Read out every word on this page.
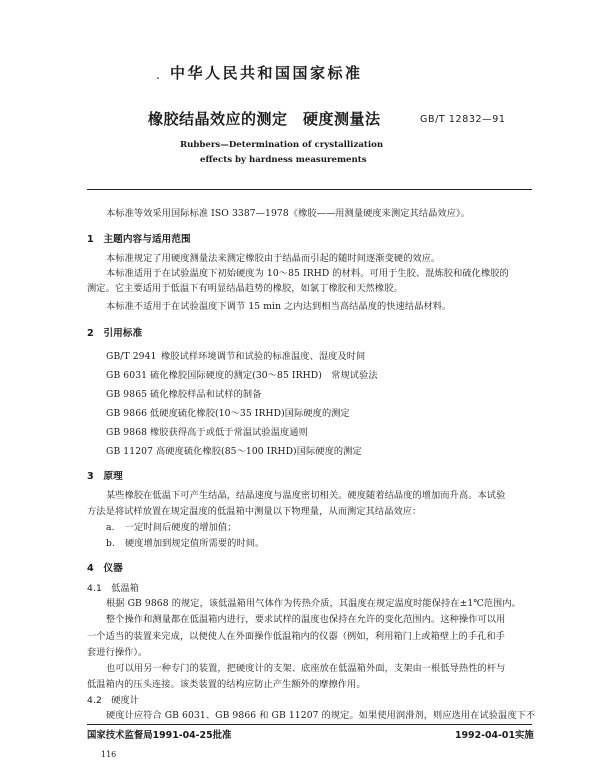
. 中华人民共和国国家标准
橡胶结晶效应的测定　硬度测量法	GB/T 12832—91
Rubbers—Determination of crystallization
effects by hardness measurements
本标准等效采用国际标准 ISO 3387—1978《橡胶——用测量硬度来测定其结晶效应》。
1　主题内容与适用范围
本标准规定了用硬度测量法来测定橡胶由于结晶而引起的随时间逐渐变硬的效应。
本标准适用于在试验温度下初始硬度为 10～85 IRHD 的材料。可用于生胶、混炼胶和硫化橡胶的
测定。它主要适用于低温下有明显结晶趋势的橡胶，如氯丁橡胶和天然橡胶。
本标准不适用于在试验温度下调节 15 min 之内达到相当高结晶度的快速结晶材料。
2　引用标准
GB/T 2941 橡胶试样环境调节和试验的标准温度、湿度及时间
GB 6031 硫化橡胶国际硬度的测定(30～85 IRHD)　常规试验法
GB 9865 硫化橡胶样品和试样的制备
GB 9866 低硬度硫化橡胶(10～35 IRHD)国际硬度的测定
GB 9868 橡胶获得高于或低于常温试验温度通则
GB 11207 高硬度硫化橡胶(85～100 IRHD)国际硬度的测定
3　原理
某些橡胶在低温下可产生结晶，结晶速度与温度密切相关。硬度随着结晶度的增加而升高。本试验
方法是将试样放置在规定温度的低温箱中测量以下物理量，从而测定其结晶效应：
a. 一定时间后硬度的增加值；
b. 硬度增加到规定值所需要的时间。
4　仪器
4.1　低温箱
根据 GB 9868 的规定，该低温箱用气体作为传热介质，其温度在规定温度时能保持在±1℃范围内。
整个操作和测量都在低温箱内进行，要求试样的温度也保持在允许的变化范围内。这种操作可以用
一个适当的装置来完成，以便使人在外面操作低温箱内的仪器（例如，利用箱门上或箱壁上的手孔和手
套进行操作）。
也可以用另一种专门的装置，把硬度计的支架、底座放在低温箱外面，支架由一根低导热性的杆与
低温箱内的压头连接。该类装置的结构应防止产生额外的摩擦作用。
4.2　硬度计
硬度计应符合 GB 6031、GB 9866 和 GB 11207 的规定。如果使用润滑剂，则应选用在试验温度下不
国家技术监督局1991-04-25批准	1992-04-01实施
116
